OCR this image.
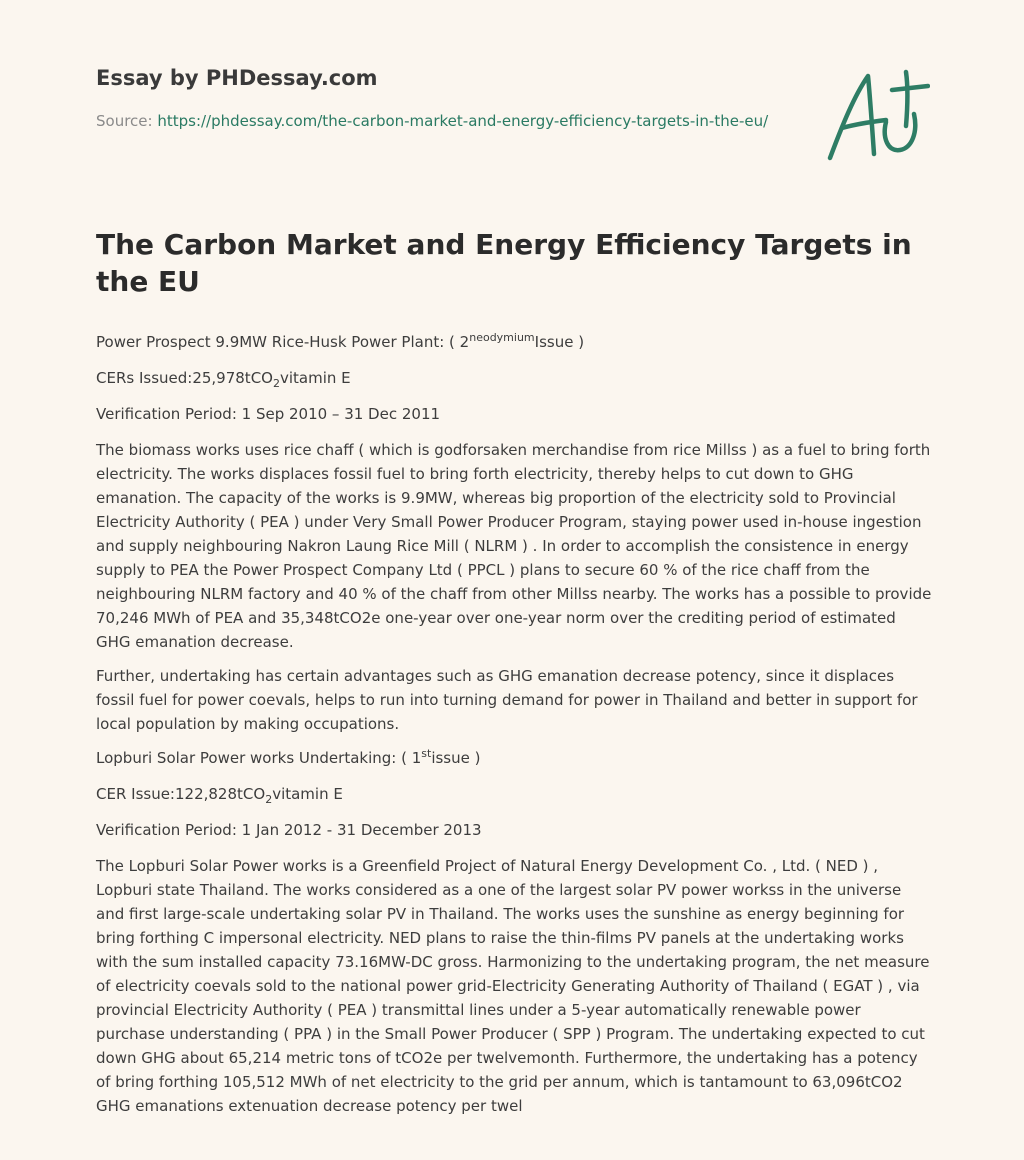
Essay by PHDessay.com

Source: https://phdessay.com/the-carbon-market-and-energy-efficiency-targets-in-the-eu/
The Carbon Market and Energy Efficiency Targets in the EU

Power Prospect 9.9MW Rice-Husk Power Plant: ( $2^{neodymium}Issue$ )

CERs Issued:25,978tCO$_2$vitamin E

Verification Period: 1 Sep 2010 – 31 Dec 2011

The biomass works uses rice chaff ( which is godforsaken merchandise from rice Millss ) as a fuel to bring forth electricity. The works displaces fossil fuel to bring forth electricity, thereby helps to cut down to GHG emanation. The capacity of the works is 9.9MW, whereas big proportion of the electricity sold to Provincial Electricity Authority ( PEA ) under Very Small Power Producer Program, staying power used in-house ingestion and supply neighbouring Nakron Laung Rice Mill ( NLRM ) . In order to accomplish the consistence in energy supply to PEA the Power Prospect Company Ltd ( PPCL ) plans to secure 60 % of the rice chaff from the neighbouring NLRM factory and 40 % of the chaff from other Millss nearby. The works has a possible to provide 70,246 MWh of PEA and 35,348tCO2e one-year over one-year norm over the crediting period of estimated GHG emanation decrease.

Further, undertaking has certain advantages such as GHG emanation decrease potency, since it displaces fossil fuel for power coevals, helps to run into turning demand for power in Thailand and better in support for local population by making occupations.

Lopburi Solar Power works Undertaking: ( 1stissue )

CER Issue:122,828tCO$_2$vitamin E

Verification Period: 1 Jan 2012 - 31 December 2013

The Lopburi Solar Power works is a Greenfield Project of Natural Energy Development Co. , Ltd. ( NED ) , Lopburi state Thailand. The works considered as a one of the largest solar PV power workss in the universe and first large-scale undertaking solar PV in Thailand. The works uses the sunshine as energy beginning for bring forthing C impersonal electricity. NED plans to raise the thin-films PV panels at the undertaking works with the sum installed capacity 73.16MW-DC gross. Harmonizing to the undertaking program, the net measure of electricity coevals sold to the national power grid-Electricity Generating Authority of Thailand ( EGAT ) , via provincial Electricity Authority ( PEA ) transmittal lines under a 5-year automatically renewable power purchase understanding ( PPA ) in the Small Power Producer ( SPP ) Program. The undertaking expected to cut down GHG about 65,214 metric tons of tCO2e per twelvemonth. Furthermore, the undertaking has a potency of bring forthing 105,512 MWh of net electricity to the grid per annum, which is tantamount to 63,096tCO2 GHG emanations extenuation decrease potency per twel
